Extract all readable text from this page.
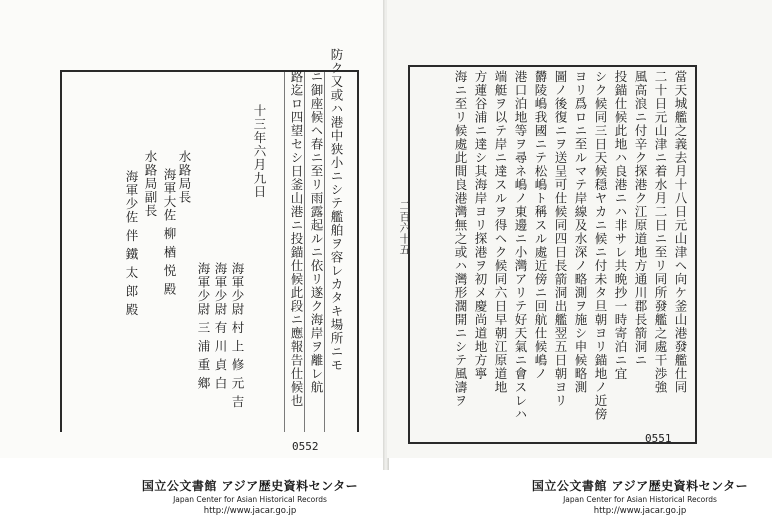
防ク又或ハ港中狭小ニシテ艦舶ヲ容レカタキ場所ニモ
ニ御座候ヘ春ニ至リ雨露起ルニ依リ遂ク海岸ヲ離レ航
路迄ロ四望セシ日釜山港ニ投錨仕候此段ニ應報告仕候也
十三年六月九日
海軍少尉 村 上 修 元 吉
海軍少尉 有 川 貞 白
海軍少尉 三 浦 重 鄉
水路局長
海軍大佐 柳 楢 悦 殿
水路局副長
海軍少佐 伴 鐵 太 郎 殿
0552
當天城艦之義去月十八日元山津ヘ向ケ釜山港發艦仕同
二十日元山津ニ着水月二日ニ至リ同所發艦之處干渉強
風高浪ニ付辛ク探港ク江原道地方通川郡長箭洞ニ
投錨仕候此地ハ良港ニハ非サレ共晩抄一時寄泊ニ宜
シク候同三日天候穏ヤカニ候ニ付未タ旦朝ヨリ錨地ノ近傍
ヨリ爲ロニ至ルマテ岸線及水深ノ略測ヲ施シ申候略測
圖ノ後復ニヲ送呈可仕候同四日長箭洞出艦翌五日朝ヨリ
欝陵嶋我國ニテ松嶋ト稱スル處近傍ニ回航仕候嶋ノ
港口泊地等ヲ尋ネ嶋ノ東邊ニ小灣アリテ好天氣ニ會スレハ
端艇ヲ以テ岸ニ達スルヲ得ヘク候同六日早朝江原道地
方蓮谷浦ニ達シ其海岸ヨリ探港ヲ初メ慶尚道地方寧
海ニ至リ候處此間良港灣無之或ハ灣形濶開ニシテ風濤ヲ
二百六十五
0551
国立公文書館 アジア歴史資料センター
Japan Center for Asian Historical Records
http://www.jacar.go.jp
国立公文書館 アジア歴史資料センター
Japan Center for Asian Historical Records
http://www.jacar.go.jp
